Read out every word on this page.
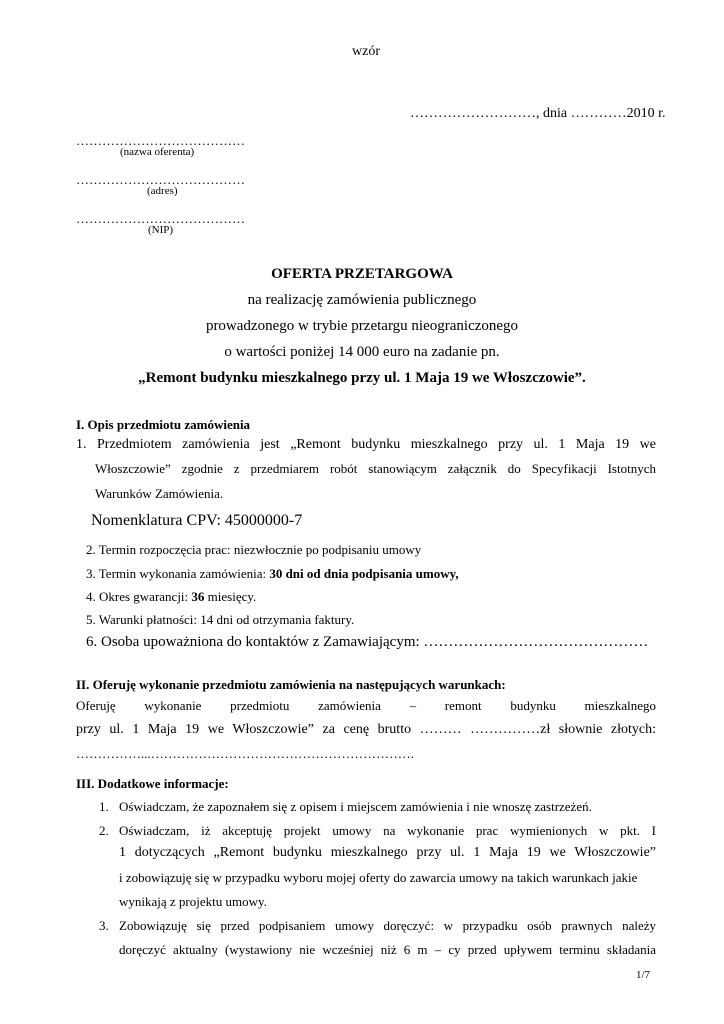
wzór
………………………, dnia …………2010 r.
…………………………………
(nazwa oferenta)
…………………………………
(adres)
…………………………………
(NIP)
OFERTA PRZETARGOWA
na realizację zamówienia publicznego
prowadzonego w trybie przetargu nieograniczonego
o wartości poniżej 14 000 euro na zadanie pn.
„Remont budynku mieszkalnego przy ul. 1 Maja 19 we Włoszczowie”.
I. Opis przedmiotu zamówienia
1. Przedmiotem zamówienia jest „Remont budynku mieszkalnego przy ul. 1 Maja 19 we
Włoszczowie” zgodnie z przedmiarem robót stanowiącym załącznik do Specyfikacji Istotnych
Warunków Zamówienia.
Nomenklatura CPV: 45000000-7
2. Termin rozpoczęcia prac: niezwłocznie po podpisaniu umowy
3. Termin wykonania zamówienia: 30 dni od dnia podpisania umowy,
4. Okres gwarancji: 36 miesięcy.
5. Warunki płatności: 14 dni od otrzymania faktury.
6. Osoba upoważniona do kontaktów z Zamawiającym: ………………………………………
II. Oferuję wykonanie przedmiotu zamówienia na następujących warunkach:
Oferuję wykonanie przedmiotu zamówienia – remont budynku mieszkalnego
przy ul. 1 Maja 19 we Włoszczowie” za cenę brutto ……… ……………zł słownie złotych:
……………...…………………………………………………….
III. Dodatkowe informacje:
1. Oświadczam, że zapoznałem się z opisem i miejscem zamówienia i nie wnoszę zastrzeżeń.
2. Oświadczam, iż akceptuję projekt umowy na wykonanie prac wymienionych w pkt. I
1 dotyczących „Remont budynku mieszkalnego przy ul. 1 Maja 19 we Włoszczowie”
i zobowiązuję się w przypadku wyboru mojej oferty do zawarcia umowy na takich warunkach jakie
wynikają z projektu umowy.
3. Zobowiązuję się przed podpisaniem umowy doręczyć: w przypadku osób prawnych należy
doręczyć aktualny (wystawiony nie wcześniej niż 6 m – cy przed upływem terminu składania
1/7
